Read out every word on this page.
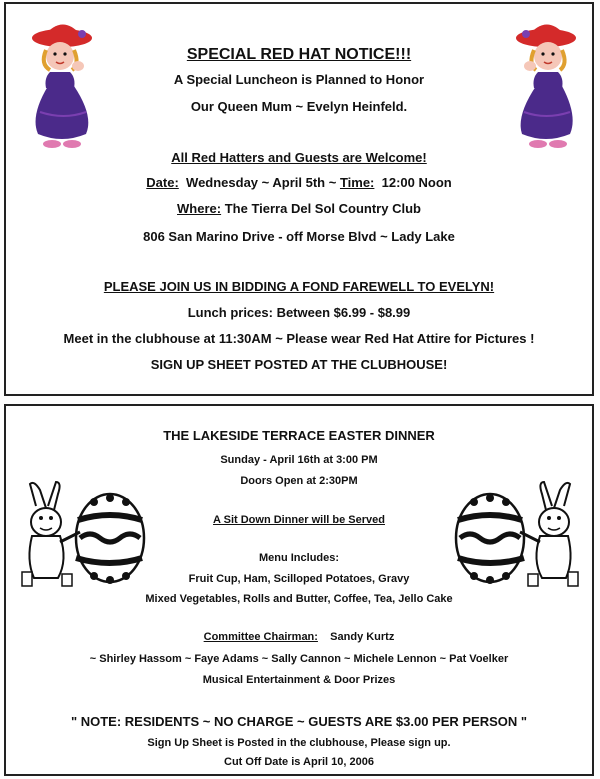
SPECIAL RED HAT NOTICE!!!
A Special Luncheon is Planned to Honor
Our Queen Mum ~ Evelyn Heinfeld.
All Red Hatters and Guests are Welcome!
Date: Wednesday ~ April 5th ~ Time: 12:00 Noon
Where: The Tierra Del Sol Country Club
806 San Marino Drive - off Morse Blvd ~ Lady Lake
PLEASE JOIN US IN BIDDING A FOND FAREWELL TO EVELYN!
Lunch prices: Between $6.99 - $8.99
Meet in the clubhouse at 11:30AM ~ Please wear Red Hat Attire for Pictures !
SIGN UP SHEET POSTED AT THE CLUBHOUSE!
THE LAKESIDE TERRACE EASTER DINNER
Sunday - April 16th at 3:00 PM
Doors Open at 2:30PM
A Sit Down Dinner will be Served
Menu Includes:
Fruit Cup, Ham, Scilloped Potatoes, Gravy
Mixed Vegetables, Rolls and Butter, Coffee, Tea, Jello Cake
Committee Chairman: Sandy Kurtz
~ Shirley Hassom ~ Faye Adams ~ Sally Cannon ~ Michele Lennon ~ Pat Voelker
Musical Entertainment & Door Prizes
" NOTE: RESIDENTS ~ NO CHARGE ~ GUESTS ARE $3.00 PER PERSON "
Sign Up Sheet is Posted in the clubhouse, Please sign up.
Cut Off Date is April 10, 2006
